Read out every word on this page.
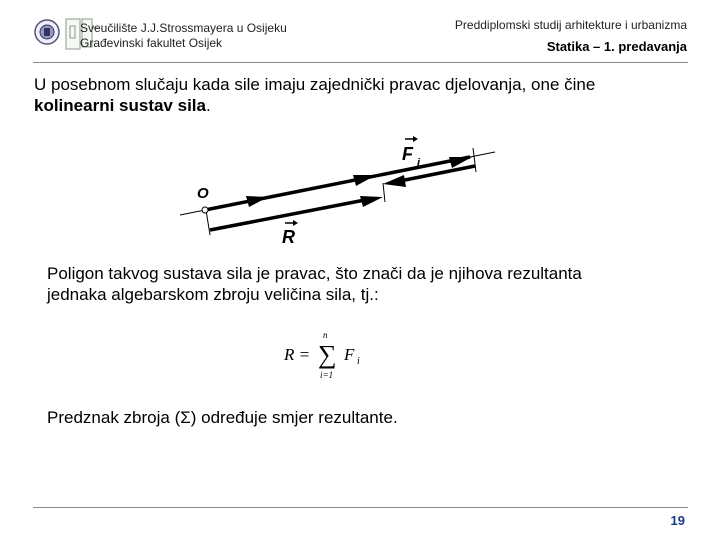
Sveučilište J.J.Strossmayera u Osijeku
Građevinski fakultet Osijek
Preddiplomski studij arhitekture i urbanizma
Statika – 1. predavanja
U posebnom slučaju kada sile imaju zajednički pravac djelovanja, one čine
kolinearni sustav sila.
O
F i
R
R =
n
∑
i=1
F i
Poligon takvog sustava sila je pravac, što znači da je njihova rezultanta
jednaka algebarskom zbroju veličina sila, tj.:
Predznak zbroja (Σ) određuje smjer rezultante.
19
